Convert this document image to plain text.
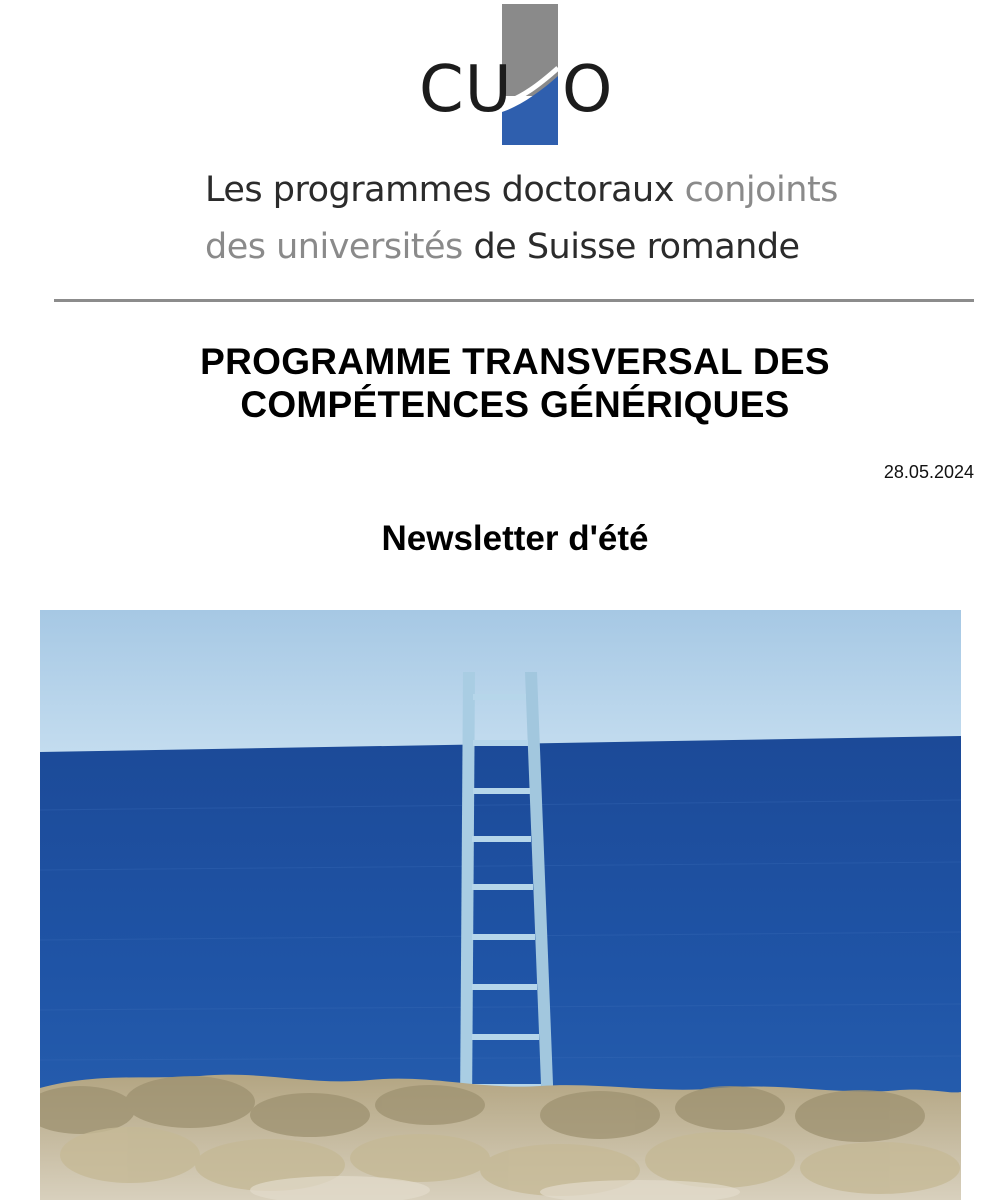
CU O
Les programmes doctoraux conjoints
des universités de Suisse romande
PROGRAMME TRANSVERSAL DES
COMPÉTENCES GÉNÉRIQUES
28.05.2024
Newsletter d'été
